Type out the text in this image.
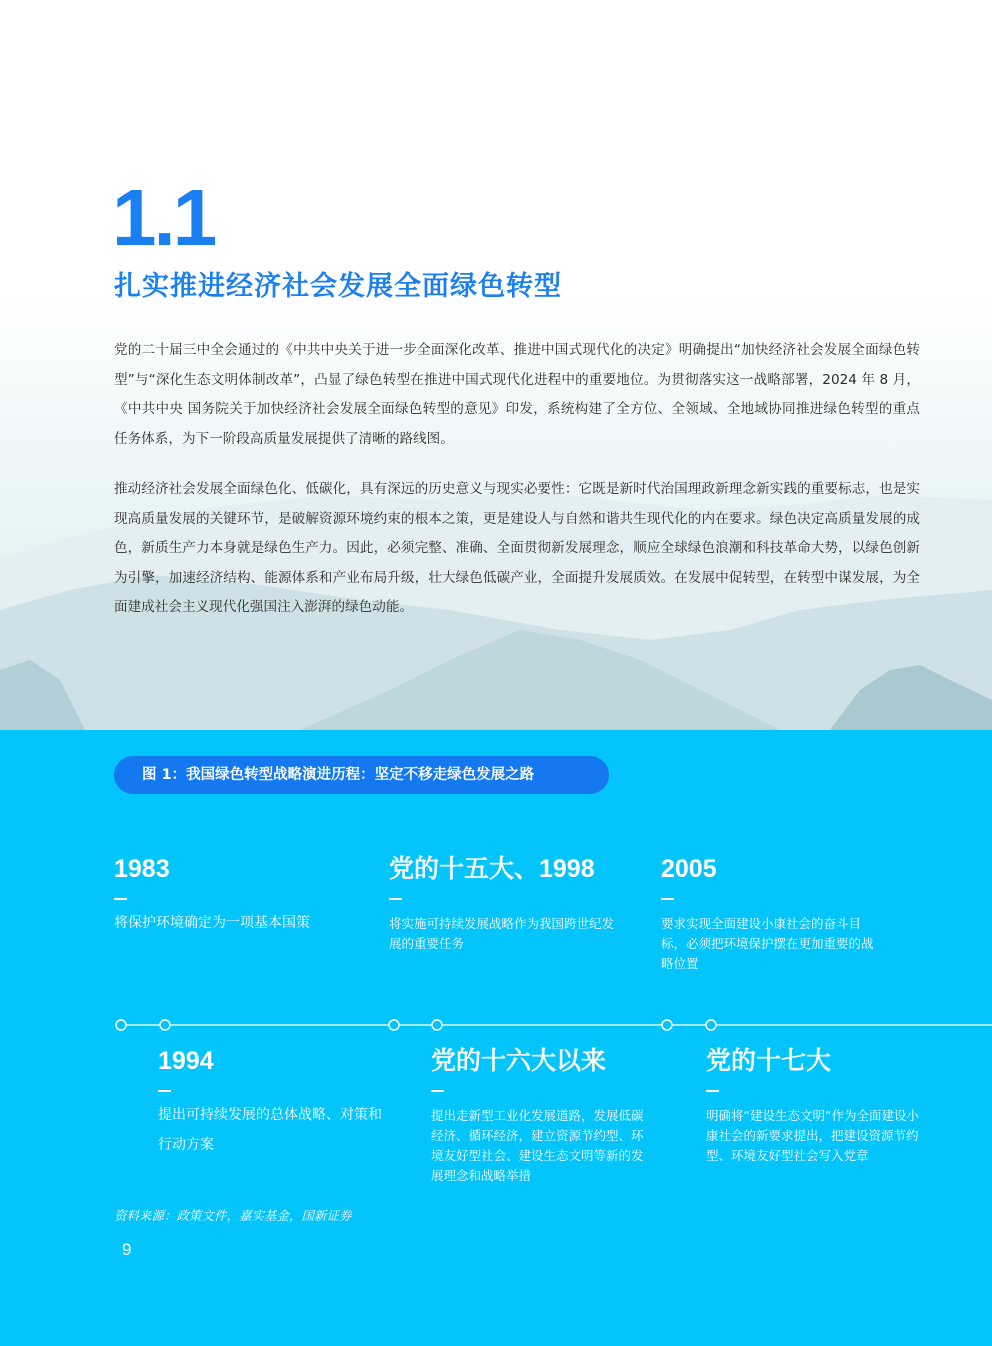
1.1
扎实推进经济社会发展全面绿色转型

党的二十届三中全会通过的《中共中央关于进一步全面深化改革、推进中国式现代化的决定》明确提出“加快经济社会发展全面绿色转型”与“深化生态文明体制改革”，凸显了绿色转型在推进中国式现代化进程中的重要地位。为贯彻落实这一战略部署，2024 年 8 月，《中共中央 国务院关于加快经济社会发展全面绿色转型的意见》印发，系统构建了全方位、全领域、全地域协同推进绿色转型的重点任务体系，为下一阶段高质量发展提供了清晰的路线图。

推动经济社会发展全面绿色化、低碳化，具有深远的历史意义与现实必要性：它既是新时代治国理政新理念新实践的重要标志，也是实现高质量发展的关键环节，是破解资源环境约束的根本之策，更是建设人与自然和谐共生现代化的内在要求。绿色决定高质量发展的成色，新质生产力本身就是绿色生产力。因此，必须完整、准确、全面贯彻新发展理念，顺应全球绿色浪潮和科技革命大势，以绿色创新为引擎，加速经济结构、能源体系和产业布局升级，壮大绿色低碳产业，全面提升发展质效。在发展中促转型，在转型中谋发展，为全面建成社会主义现代化强国注入澎湃的绿色动能。

图 1：我国绿色转型战略演进历程：坚定不移走绿色发展之路
1983
将保护环境确定为一项基本国策
党的十五大、1998
将实施可持续发展战略作为我国跨世纪发展的重要任务
2005
要求实现全面建设小康社会的奋斗目标，必须把环境保护摆在更加重要的战略位置
1994
提出可持续发展的总体战略、对策和行动方案
党的十六大以来
提出走新型工业化发展道路，发展低碳经济、循环经济，建立资源节约型、环境友好型社会、建设生态文明等新的发展理念和战略举措
党的十七大
明确将“建设生态文明”作为全面建设小康社会的新要求提出，把建设资源节约型、环境友好型社会写入党章
资料来源：政策文件，嘉实基金，国新证券
9
